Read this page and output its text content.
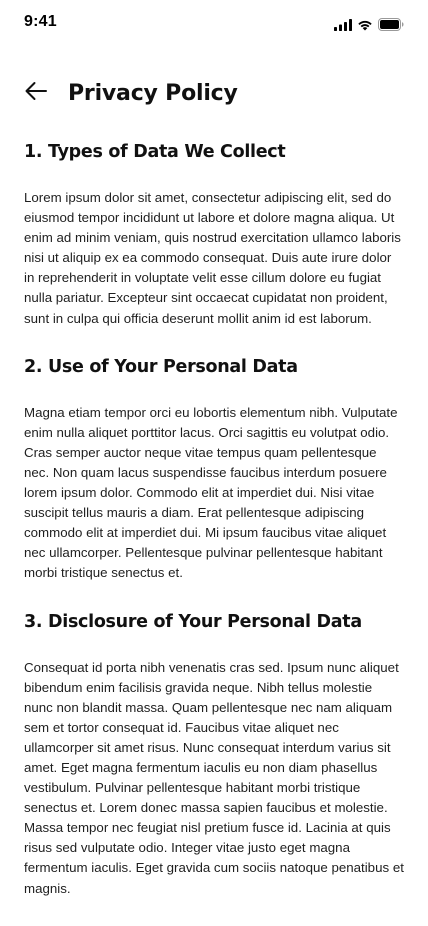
9:41
Privacy Policy
1. Types of Data We Collect

Lorem ipsum dolor sit amet, consectetur adipiscing elit, sed do eiusmod tempor incididunt ut labore et dolore magna aliqua. Ut enim ad minim veniam, quis nostrud exercitation ullamco laboris nisi ut aliquip ex ea commodo consequat. Duis aute irure dolor in reprehenderit in voluptate velit esse cillum dolore eu fugiat nulla pariatur. Excepteur sint occaecat cupidatat non proident, sunt in culpa qui officia deserunt mollit anim id est laborum.

2. Use of Your Personal Data

Magna etiam tempor orci eu lobortis elementum nibh. Vulputate enim nulla aliquet porttitor lacus. Orci sagittis eu volutpat odio. Cras semper auctor neque vitae tempus quam pellentesque nec. Non quam lacus suspendisse faucibus interdum posuere lorem ipsum dolor. Commodo elit at imperdiet dui. Nisi vitae suscipit tellus mauris a diam. Erat pellentesque adipiscing commodo elit at imperdiet dui. Mi ipsum faucibus vitae aliquet nec ullamcorper. Pellentesque pulvinar pellentesque habitant morbi tristique senectus et.

3. Disclosure of Your Personal Data

Consequat id porta nibh venenatis cras sed. Ipsum nunc aliquet bibendum enim facilisis gravida neque. Nibh tellus molestie nunc non blandit massa. Quam pellentesque nec nam aliquam sem et tortor consequat id. Faucibus vitae aliquet nec ullamcorper sit amet risus. Nunc consequat interdum varius sit amet. Eget magna fermentum iaculis eu non diam phasellus vestibulum. Pulvinar pellentesque habitant morbi tristique senectus et. Lorem donec massa sapien faucibus et molestie. Massa tempor nec feugiat nisl pretium fusce id. Lacinia at quis risus sed vulputate odio. Integer vitae justo eget magna fermentum iaculis. Eget gravida cum sociis natoque penatibus et magnis.
